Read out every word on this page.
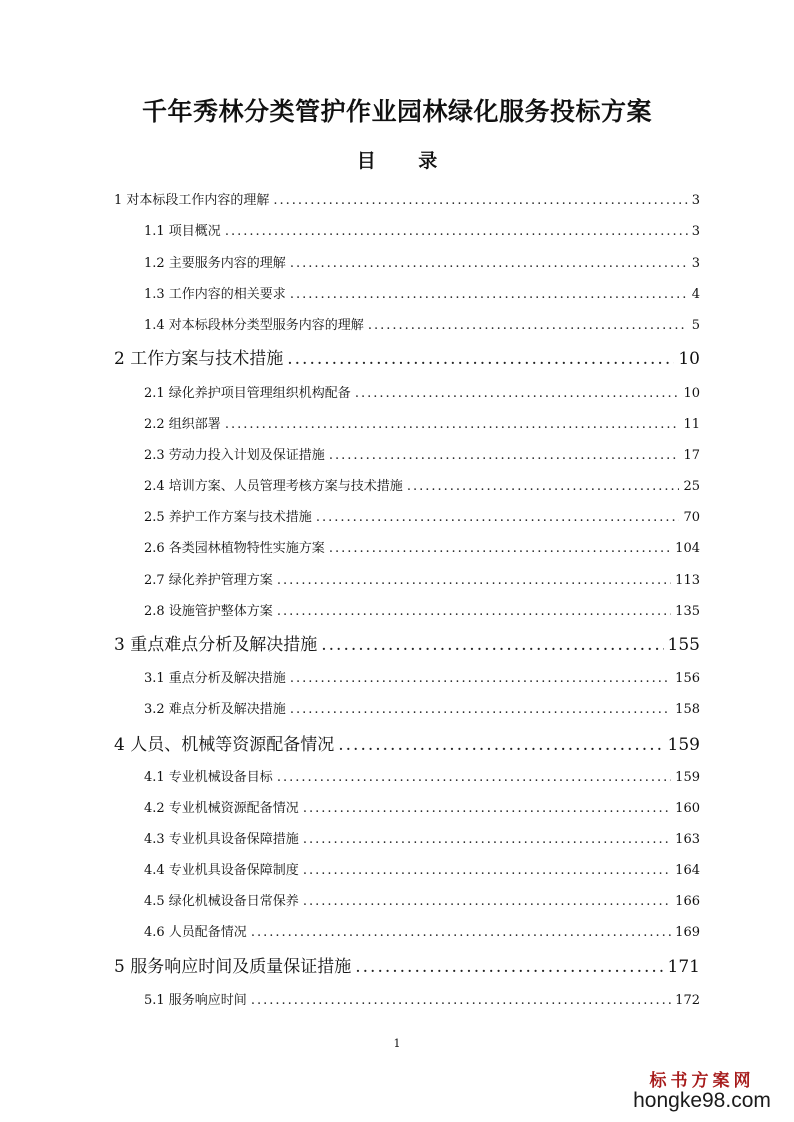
千年秀林分类管护作业园林绿化服务投标方案
目 录
1 对本标段工作内容的理解 .....	3
1.1 项目概况 .....	3
1.2 主要服务内容的理解 .....	3
1.3 工作内容的相关要求 .....	4
1.4 对本标段林分类型服务内容的理解 .....	5
2 工作方案与技术措施 .....	10
2.1 绿化养护项目管理组织机构配备 .....	10
2.2 组织部署 .....	11
2.3 劳动力投入计划及保证措施 .....	17
2.4 培训方案、人员管理考核方案与技术措施 .....	25
2.5 养护工作方案与技术措施 .....	70
2.6 各类园林植物特性实施方案 .....	104
2.7 绿化养护管理方案 .....	113
2.8 设施管护整体方案 .....	135
3 重点难点分析及解决措施 .....	155
3.1 重点分析及解决措施 .....	156
3.2 难点分析及解决措施 .....	158
4 人员、机械等资源配备情况 .....	159
4.1 专业机械设备目标 .....	159
4.2 专业机械资源配备情况 .....	160
4.3 专业机具设备保障措施 .....	163
4.4 专业机具设备保障制度 .....	164
4.5 绿化机械设备日常保养 .....	166
4.6 人员配备情况 .....	169
5 服务响应时间及质量保证措施 .....	171
5.1 服务响应时间 .....	172
1
标书方案网
hongke98.com
